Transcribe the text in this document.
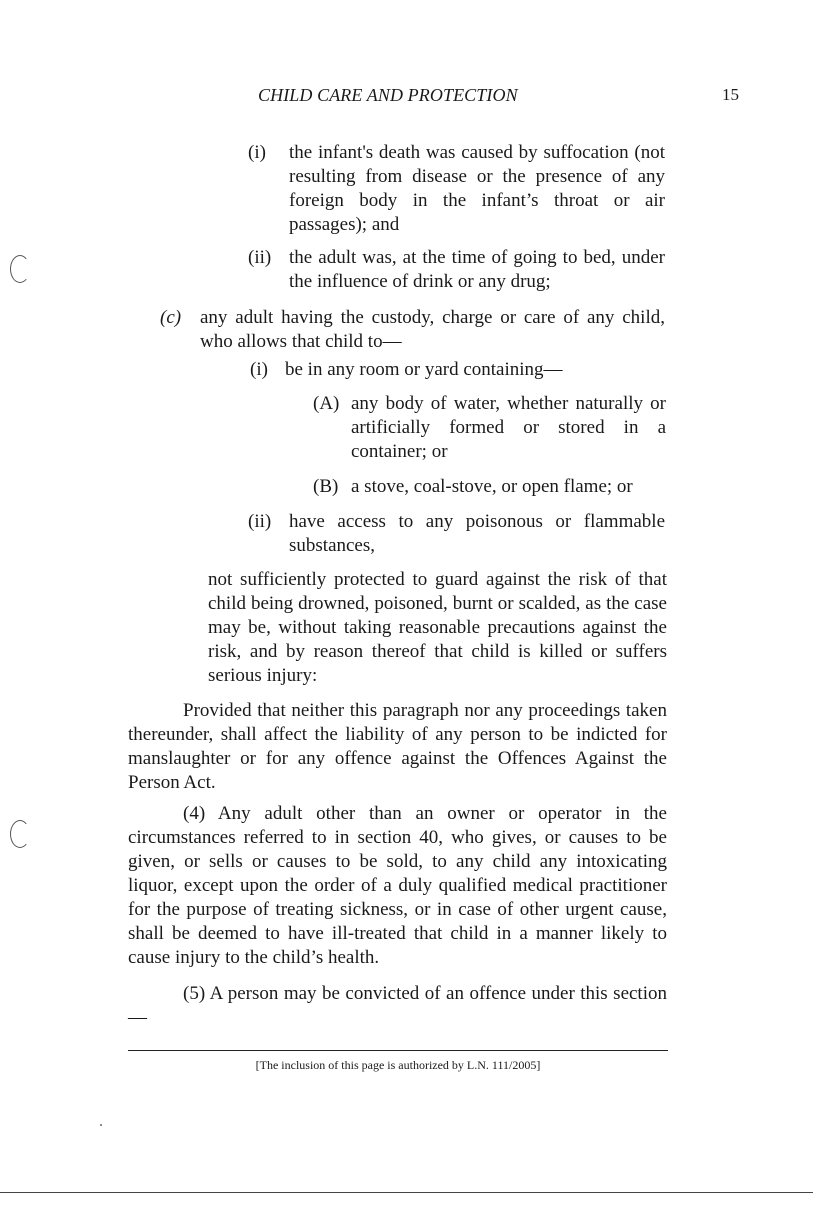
CHILD CARE AND PROTECTION	15
(i) the infant's death was caused by suffocation (not resulting from disease or the presence of any foreign body in the infant’s throat or air passages); and
(ii) the adult was, at the time of going to bed, under the influence of drink or any drug;
(c) any adult having the custody, charge or care of any child, who allows that child to—
(i) be in any room or yard containing—
(A) any body of water, whether naturally or artificially formed or stored in a container; or
(B) a stove, coal-stove, or open flame; or
(ii) have access to any poisonous or flammable substances,
not sufficiently protected to guard against the risk of that child being drowned, poisoned, burnt or scalded, as the case may be, without taking reasonable precautions against the risk, and by reason thereof that child is killed or suffers serious injury:
Provided that neither this paragraph nor any proceedings taken thereunder, shall affect the liability of any person to be indicted for manslaughter or for any offence against the Offences Against the Person Act.
(4) Any adult other than an owner or operator in the circumstances referred to in section 40, who gives, or causes to be given, or sells or causes to be sold, to any child any intoxicating liquor, except upon the order of a duly qualified medical practitioner for the purpose of treating sickness, or in case of other urgent cause, shall be deemed to have ill-treated that child in a manner likely to cause injury to the child’s health.
(5) A person may be convicted of an offence under this section—
[The inclusion of this page is authorized by L.N. 111/2005]
